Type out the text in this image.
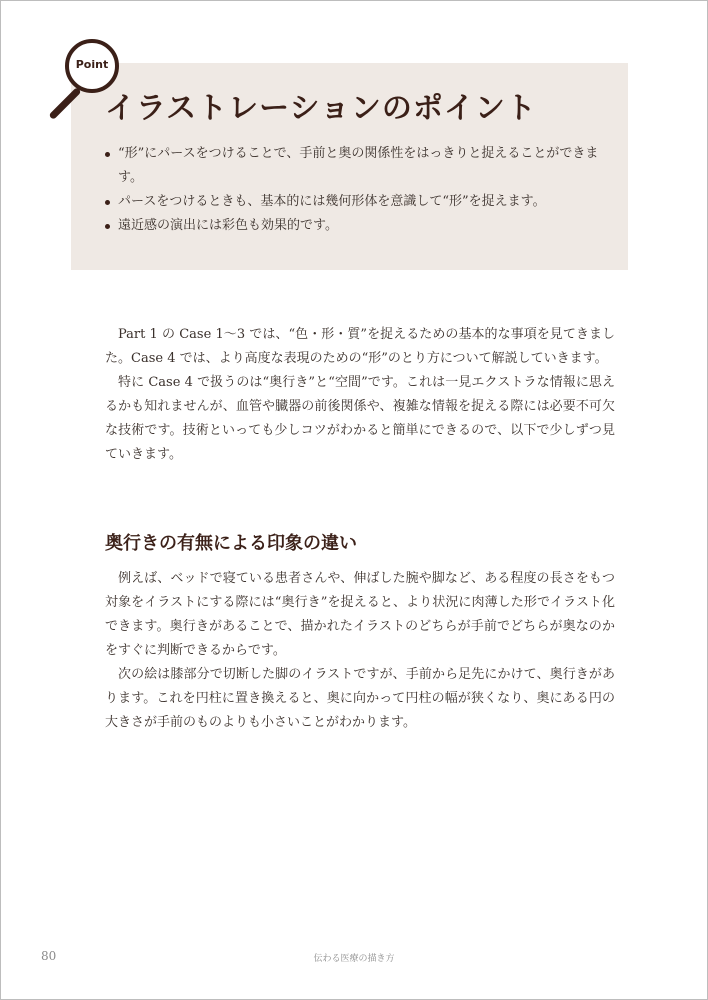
Point
イラストレーションのポイント
“形”にパースをつけることで、手前と奥の関係性をはっきりと捉えることができます。
パースをつけるときも、基本的には幾何形体を意識して“形”を捉えます。
遠近感の演出には彩色も効果的です。

Part 1 の Case 1〜3 では、“色・形・質”を捉えるための基本的な事項を見てきました。Case 4 では、より高度な表現のための“形”のとり方について解説していきます。

特に Case 4 で扱うのは“奥行き”と“空間”です。これは一見エクストラな情報に思えるかも知れませんが、血管や臓器の前後関係や、複雑な情報を捉える際には必要不可欠な技術です。技術といっても少しコツがわかると簡単にできるので、以下で少しずつ見ていきます。

奥行きの有無による印象の違い

例えば、ベッドで寝ている患者さんや、伸ばした腕や脚など、ある程度の長さをもつ対象をイラストにする際には“奥行き”を捉えると、より状況に肉薄した形でイラスト化できます。奥行きがあることで、描かれたイラストのどちらが手前でどちらが奥なのかをすぐに判断できるからです。

次の絵は膝部分で切断した脚のイラストですが、手前から足先にかけて、奥行きがあります。これを円柱に置き換えると、奥に向かって円柱の幅が狭くなり、奥にある円の大きさが手前のものよりも小さいことがわかります。

80	伝わる医療の描き方
